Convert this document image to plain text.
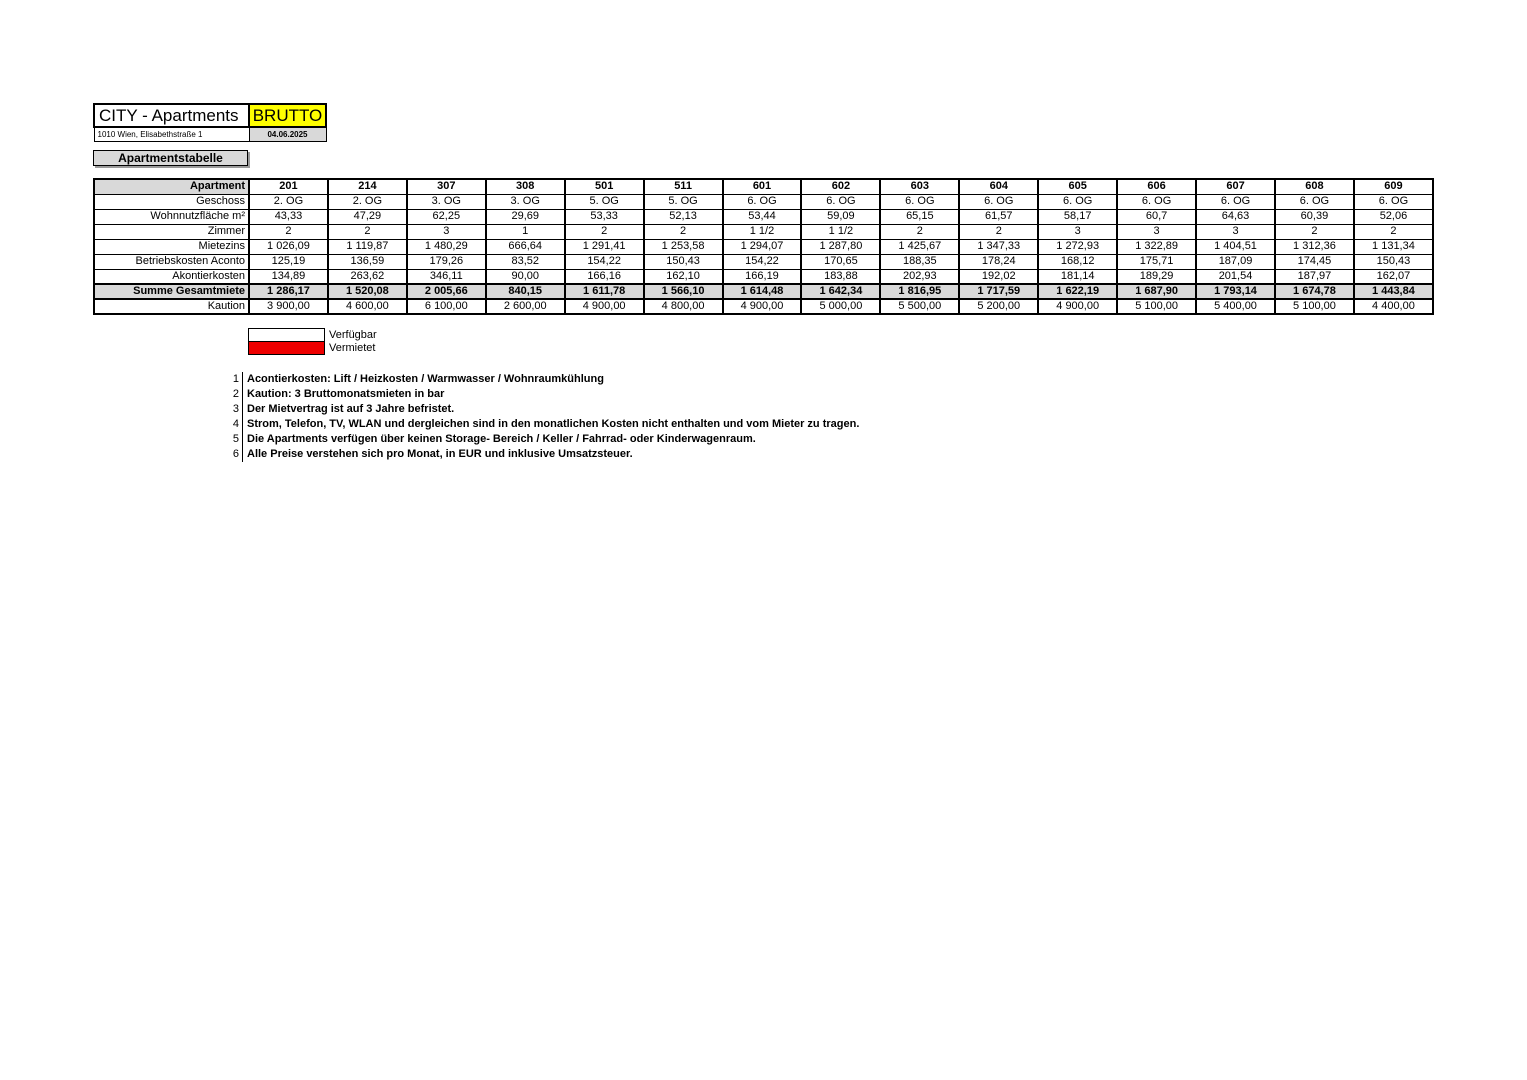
CITY - Apartments	BRUTTO
1010 Wien, Elisabethstraße 1	04.06.2025
Apartmentstabelle
Apartment	201	214	307	308	501	511	601	602	603	604	605	606	607	608	609
Geschoss	2. OG	2. OG	3. OG	3. OG	5. OG	5. OG	6. OG	6. OG	6. OG	6. OG	6. OG	6. OG	6. OG	6. OG	6. OG
Wohnnutzfläche m²	43,33	47,29	62,25	29,69	53,33	52,13	53,44	59,09	65,15	61,57	58,17	60,7	64,63	60,39	52,06
Zimmer	2	2	3	1	2	2	1 1/2	1 1/2	2	2	3	3	3	2	2
Mietezins	1 026,09	1 119,87	1 480,29	666,64	1 291,41	1 253,58	1 294,07	1 287,80	1 425,67	1 347,33	1 272,93	1 322,89	1 404,51	1 312,36	1 131,34
Betriebskosten Aconto	125,19	136,59	179,26	83,52	154,22	150,43	154,22	170,65	188,35	178,24	168,12	175,71	187,09	174,45	150,43
Akontierkosten	134,89	263,62	346,11	90,00	166,16	162,10	166,19	183,88	202,93	192,02	181,14	189,29	201,54	187,97	162,07
Summe Gesamtmiete	1 286,17	1 520,08	2 005,66	840,15	1 611,78	1 566,10	1 614,48	1 642,34	1 816,95	1 717,59	1 622,19	1 687,90	1 793,14	1 674,78	1 443,84
Kaution	3 900,00	4 600,00	6 100,00	2 600,00	4 900,00	4 800,00	4 900,00	5 000,00	5 500,00	5 200,00	4 900,00	5 100,00	5 400,00	5 100,00	4 400,00
Verfügbar
Vermietet
1 Acontierkosten: Lift / Heizkosten / Warmwasser / Wohnraumkühlung
2 Kaution: 3 Bruttomonatsmieten in bar
3 Der Mietvertrag ist auf 3 Jahre befristet.
4 Strom, Telefon, TV, WLAN und dergleichen sind in den monatlichen Kosten nicht enthalten und vom Mieter zu tragen.
5 Die Apartments verfügen über keinen Storage- Bereich / Keller / Fahrrad- oder Kinderwagenraum.
6 Alle Preise verstehen sich pro Monat, in EUR und inklusive Umsatzsteuer.
